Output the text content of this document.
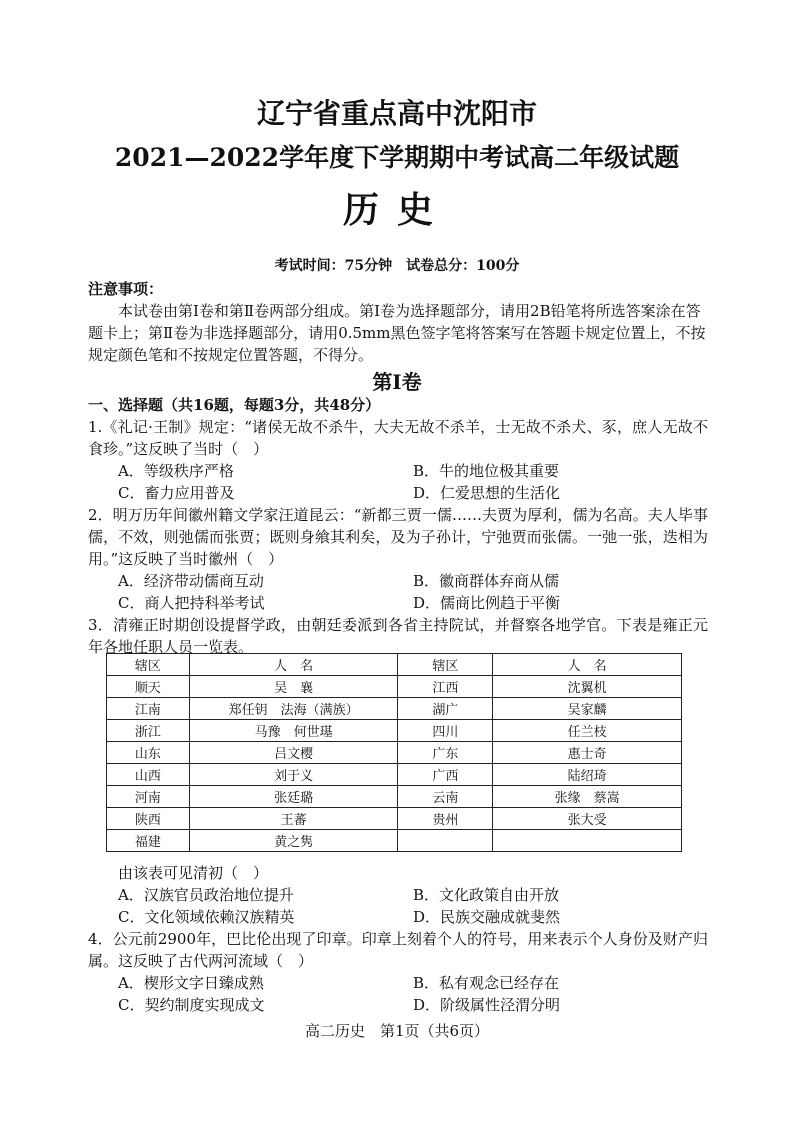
辽宁省重点高中沈阳市
2021—2022学年度下学期期中考试高二年级试题
历史
考试时间：75分钟　试卷总分：100分
注意事项：
本试卷由第Ⅰ卷和第Ⅱ卷两部分组成。第Ⅰ卷为选择题部分，请用2B铅笔将所选答案涂在答题卡上；第Ⅱ卷为非选择题部分，请用0.5mm黑色签字笔将答案写在答题卡规定位置上，不按规定颜色笔和不按规定位置答题，不得分。
第Ⅰ卷
一、选择题（共16题，每题3分，共48分）
1.《礼记·王制》规定：“诸侯无故不杀牛，大夫无故不杀羊，士无故不杀犬、豕，庶人无故不食珍。”这反映了当时（　）
A．等级秩序严格	B．牛的地位极其重要
C．畜力应用普及	D．仁爱思想的生活化
2．明万历年间徽州籍文学家汪道昆云：“新都三贾一儒……夫贾为厚利，儒为名高。夫人毕事儒，不效，则弛儒而张贾；既则身飨其利矣，及为子孙计，宁弛贾而张儒。一弛一张，迭相为用。”这反映了当时徽州（　）
A．经济带动儒商互动	B．徽商群体弃商从儒
C．商人把持科举考试	D．儒商比例趋于平衡
3．清雍正时期创设提督学政，由朝廷委派到各省主持院试，并督察各地学官。下表是雍正元年各地任职人员一览表。
辖区	人　名	辖区	人　名
顺天	吴　襄	江西	沈翼机
江南	郑任钥　法海（满族）	湖广	吴家麟
浙江	马豫　何世璂	四川	任兰枝
山东	吕文樱	广东	惠士奇
山西	刘于义	广西	陆绍琦
河南	张廷璐	云南	张缘　蔡嵩
陕西	王蕃	贵州	张大受
福建	黄之隽		
由该表可见清初（　）
A．汉族官员政治地位提升	B．文化政策自由开放
C．文化领域依赖汉族精英	D．民族交融成就斐然
4．公元前2900年，巴比伦出现了印章。印章上刻着个人的符号，用来表示个人身份及财产归属。这反映了古代两河流域（　）
A．楔形文字日臻成熟	B．私有观念已经存在
C．契约制度实现成文	D．阶级属性泾渭分明
高二历史　第1页（共6页）
